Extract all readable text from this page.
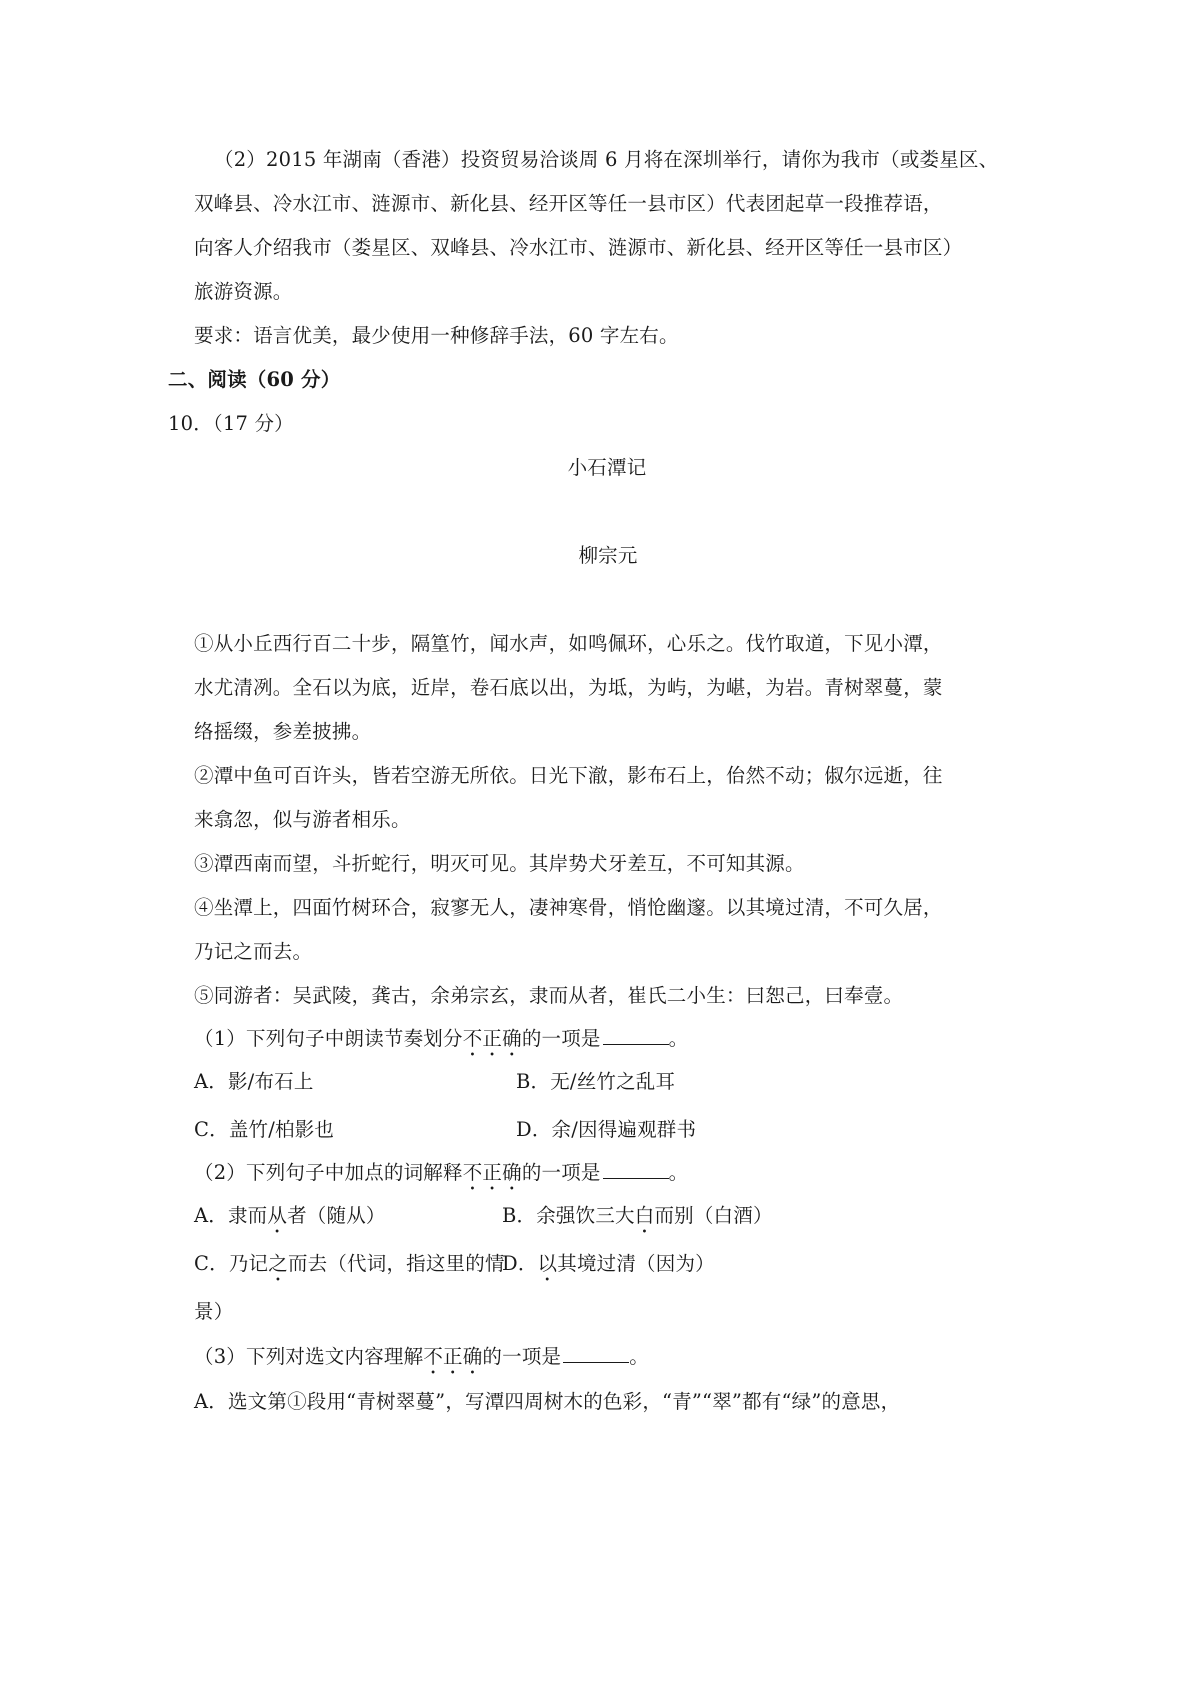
（2）2015 年湖南（香港）投资贸易洽谈周 6 月将在深圳举行，请你为我市（或娄星区、
双峰县、冷水江市、涟源市、新化县、经开区等任一县市区）代表团起草一段推荐语，
向客人介绍我市（娄星区、双峰县、冷水江市、涟源市、新化县、经开区等任一县市区）
旅游资源。
要求：语言优美，最少使用一种修辞手法，60 字左右。
二、阅读（60 分）
10．（17 分）
小石潭记
柳宗元
①从小丘西行百二十步，隔篁竹，闻水声，如鸣佩环，心乐之。伐竹取道，下见小潭，
水尤清冽。全石以为底，近岸，卷石底以出，为坻，为屿，为嵁，为岩。青树翠蔓，蒙
络摇缀，参差披拂。
②潭中鱼可百许头，皆若空游无所依。日光下澈，影布石上，佁然不动；俶尔远逝，往
来翕忽，似与游者相乐。
③潭西南而望，斗折蛇行，明灭可见。其岸势犬牙差互，不可知其源。
④坐潭上，四面竹树环合，寂寥无人，凄神寒骨，悄怆幽邃。以其境过清，不可久居，
乃记之而去。
⑤同游者：吴武陵，龚古，余弟宗玄，隶而从者，崔氏二小生：曰恕己，曰奉壹。
（1）下列句子中朗读节奏划分不正确的一项是	。
A．影/布石上	B．无/丝竹之乱耳
C．盖竹/柏影也	D．余/因得遍观群书
（2）下列句子中加点的词解释不正确的一项是	。
A．隶而从者（随从）	B．余强饮三大白而别（白酒）
C．乃记之而去（代词，指这里的情
D．以其境过清（因为）
景）
（3）下列对选文内容理解不正确的一项是	。
A．选文第①段用“青树翠蔓”，写潭四周树木的色彩，“青”“翠”都有“绿”的意思，
